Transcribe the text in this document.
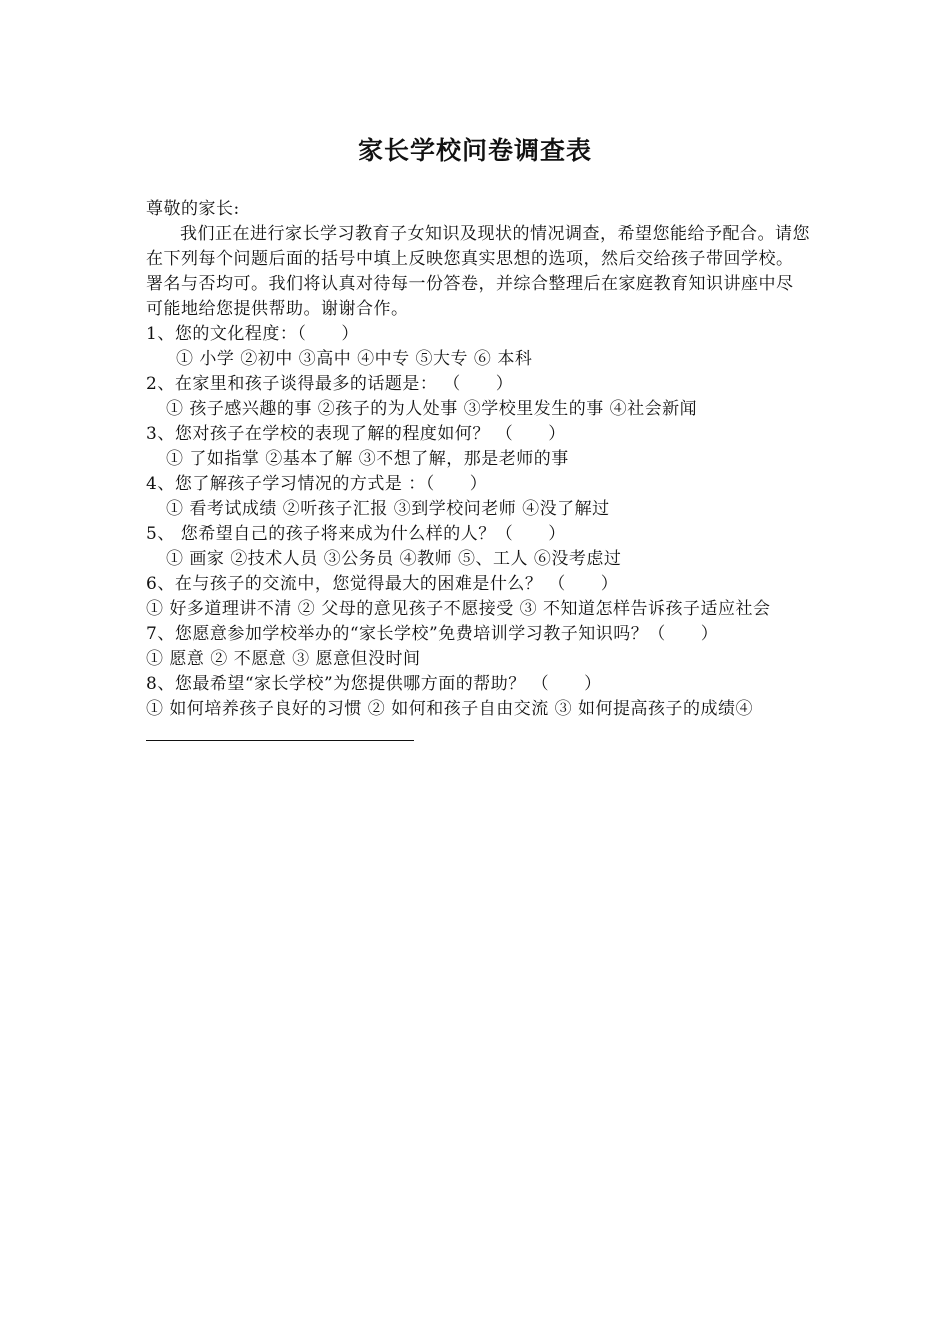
家长学校问卷调查表
尊敬的家长:
我们正在进行家长学习教育子女知识及现状的情况调查，希望您能给予配合。请您在下列每个问题后面的括号中填上反映您真实思想的选项，然后交给孩子带回学校。署名与否均可。我们将认真对待每一份答卷，并综合整理后在家庭教育知识讲座中尽可能地给您提供帮助。谢谢合作。
1、您的文化程度：（　　）
① 小学 ②初中 ③高中 ④中专 ⑤大专 ⑥ 本科
2、在家里和孩子谈得最多的话题是： （　　）
① 孩子感兴趣的事 ②孩子的为人处事 ③学校里发生的事 ④社会新闻
3、您对孩子在学校的表现了解的程度如何？ （　　）
① 了如指掌 ②基本了解 ③不想了解，那是老师的事
4、您了解孩子学习情况的方式是 ：（　　）
① 看考试成绩 ②听孩子汇报 ③到学校问老师 ④没了解过
5、 您希望自己的孩子将来成为什么样的人？（　　）
① 画家 ②技术人员 ③公务员 ④教师 ⑤、工人 ⑥没考虑过
6、在与孩子的交流中，您觉得最大的困难是什么？ （　　）
① 好多道理讲不清 ② 父母的意见孩子不愿接受 ③ 不知道怎样告诉孩子适应社会
7、您愿意参加学校举办的“家长学校”免费培训学习教子知识吗？（　　）
① 愿意 ② 不愿意 ③ 愿意但没时间
8、您最希望“家长学校”为您提供哪方面的帮助？ （　　）
① 如何培养孩子良好的习惯 ② 如何和孩子自由交流 ③ 如何提高孩子的成绩④
